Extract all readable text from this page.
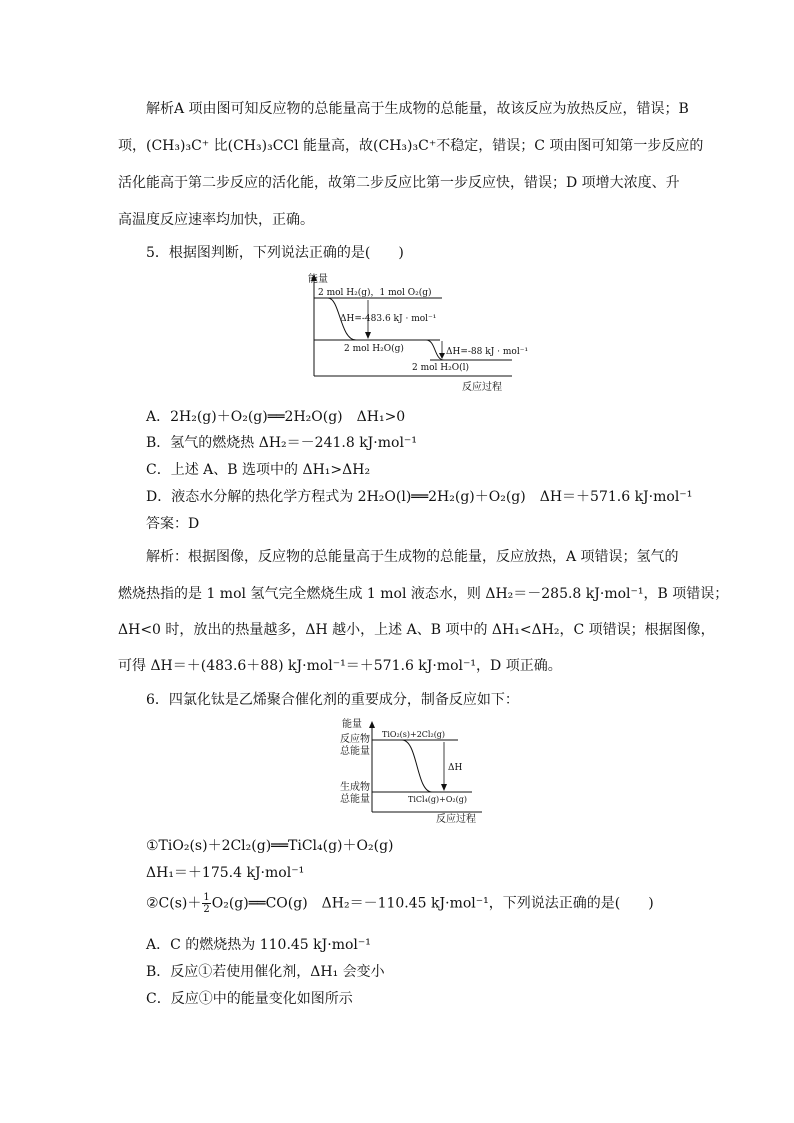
解析A 项由图可知反应物的总能量高于生成物的总能量，故该反应为放热反应，错误；B
项，(CH₃)₃C⁺ 比(CH₃)₃CCl 能量高，故(CH₃)₃C⁺不稳定，错误；C 项由图可知第一步反应的
活化能高于第二步反应的活化能，故第二步反应比第一步反应快，错误；D 项增大浓度、升
高温度反应速率均加快，正确。
5．根据图判断，下列说法正确的是(　　)
能量
反应过程
2 mol H₂(g)，1 mol O₂(g)
2 mol H₂O(g)
ΔH=-483.6 kJ · mol⁻¹
2 mol H₂O(l)
ΔH=-88 kJ · mol⁻¹
A．2H₂(g)＋O₂(g)══2H₂O(g)　ΔH₁>0
B．氢气的燃烧热 ΔH₂＝－241.8 kJ·mol⁻¹
C．上述 A、B 选项中的 ΔH₁>ΔH₂
D．液态水分解的热化学方程式为 2H₂O(l)══2H₂(g)＋O₂(g)　ΔH＝＋571.6 kJ·mol⁻¹
答案：D
解析：根据图像，反应物的总能量高于生成物的总能量，反应放热，A 项错误；氢气的
燃烧热指的是 1 mol 氢气完全燃烧生成 1 mol 液态水，则 ΔH₂＝－285.8 kJ·mol⁻¹，B 项错误；
ΔH<0 时，放出的热量越多，ΔH 越小，上述 A、B 项中的 ΔH₁<ΔH₂，C 项错误；根据图像，
可得 ΔH＝＋(483.6＋88) kJ·mol⁻¹＝＋571.6 kJ·mol⁻¹，D 项正确。
6．四氯化钛是乙烯聚合催化剂的重要成分，制备反应如下：
能量
反应物
总能量
生成物
总能量
TiO₂(s)+2Cl₂(g)
TiCl₄(g)+O₂(g)
ΔH
反应过程
①TiO₂(s)＋2Cl₂(g)══TiCl₄(g)＋O₂(g)
ΔH₁＝＋175.4 kJ·mol⁻¹
②C(s)＋ $\frac{1}{2}$ O₂(g)══CO(g)　ΔH₂＝－110.45 kJ·mol⁻¹，下列说法正确的是(　　)
A．C 的燃烧热为 110.45 kJ·mol⁻¹
B．反应①若使用催化剂，ΔH₁ 会变小
C．反应①中的能量变化如图所示
